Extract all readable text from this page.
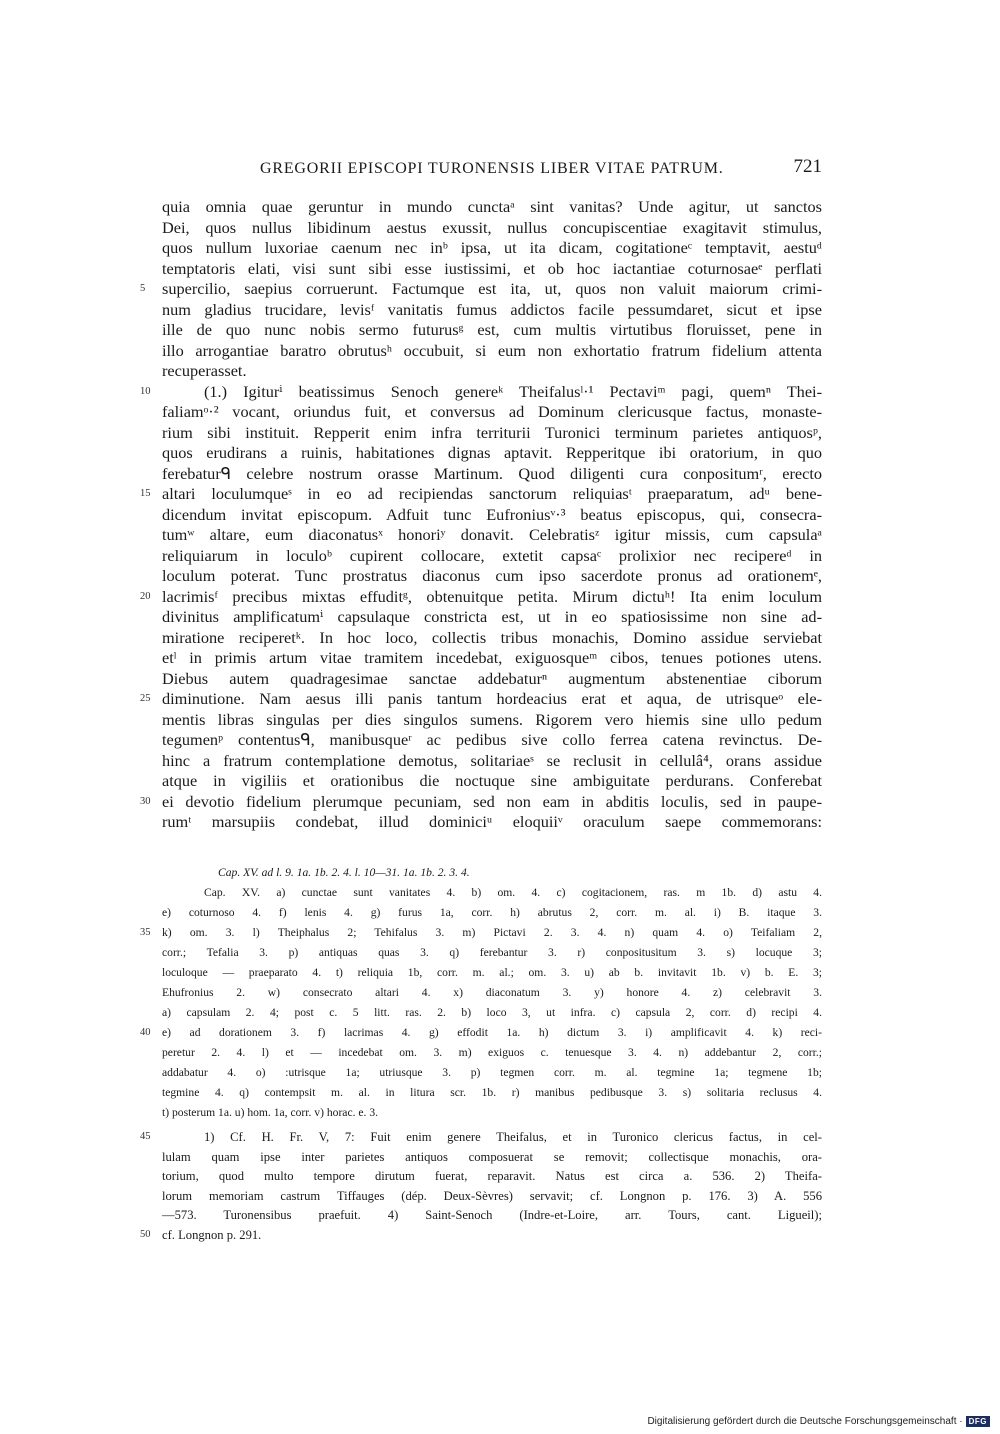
GREGORII EPISCOPI TURONENSIS LIBER VITAE PATRUM.	721
quia omnia quae geruntur in mundo cunctaᵃ sint vanitas? Unde agitur, ut sanctos
Dei, quos nullus libidinum aestus exussit, nullus concupiscentiae exagitavit stimulus,
quos nullum luxoriae caenum nec inᵇ ipsa, ut ita dicam, cogitationeᶜ temptavit, aestuᵈ
temptatoris elati, visi sunt sibi esse iustissimi, et ob hoc iactantiae coturnosaeᵉ perflati
5 supercilio, saepius corruerunt. Factumque est ita, ut, quos non valuit maiorum crimi-
num gladius trucidare, levisᶠ vanitatis fumus addictos facile pessumdaret, sicut et ipse
ille de quo nunc nobis sermo futurusᵍ est, cum multis virtutibus floruisset, pene in
illo arrogantiae baratro obrutusʰ occubuit, si eum non exhortatio fratrum fidelium attenta
recuperasset.
10	(1.) Igiturⁱ beatissimus Senoch genereᵏ Theifalusˡ·¹ Pectaviᵐ pagi, quemⁿ Thei-
faliamᵒ·² vocant, oriundus fuit, et conversus ad Dominum clericusque factus, monaste-
rium sibi instituit. Repperit enim infra territurii Turonici terminum parietes antiquosᵖ,
quos erudirans a ruinis, habitationes dignas aptavit. Repperitque ibi oratorium, in quo
ferebaturᑫ celebre nostrum orasse Martinum. Quod diligenti cura conpositumʳ, erecto
15 altari loculumqueˢ in eo ad recipiendas sanctorum reliquiasᵗ praeparatum, adᵘ bene-
dicendum invitat episcopum. Adfuit tunc Eufroniusᵛ·³ beatus episcopus, qui, consecra-
tumʷ altare, eum diaconatusˣ honoriʸ donavit. Celebratisᶻ igitur missis, cum capsulaᵃ
reliquiarum in loculoᵇ cupirent collocare, extetit capsaᶜ prolixior nec recipereᵈ in
loculum poterat. Tunc prostratus diaconus cum ipso sacerdote pronus ad orationemᵉ,
20 lacrimisᶠ precibus mixtas effuditᵍ, obtenuitque petita. Mirum dictuʰ! Ita enim loculum
divinitus amplificatumⁱ capsulaque constricta est, ut in eo spatiosissime non sine ad-
miratione reciperetᵏ. In hoc loco, collectis tribus monachis, Domino assidue serviebat
etˡ in primis artum vitae tramitem incedebat, exiguosqueᵐ cibos, tenues potiones utens.
Diebus autem quadragesimae sanctae addebaturⁿ augmentum abstenentiae ciborum
25 diminutione. Nam aesus illi panis tantum hordeacius erat et aqua, de utrisqueᵒ ele-
mentis libras singulas per dies singulos sumens. Rigorem vero hiemis sine ullo pedum
tegumenᵖ contentusᑫ, manibusqueʳ ac pedibus sive collo ferrea catena revinctus. De-
hinc a fratrum contemplatione demotus, solitariaeˢ se reclusit in cellulâ⁴, orans assidue
atque in vigiliis et orationibus die noctuque sine ambiguitate perdurans. Conferebat
30 ei devotio fidelium plerumque pecuniam, sed non eam in abditis loculis, sed in paupe-
rumᵗ marsupiis condebat, illud dominiciᵘ eloquiiᵛ oraculum saepe commemorans:
Cap. XV. ad l. 9. 1a. 1b. 2. 4. l. 10—31. 1a. 1b. 2. 3. 4.
Cap. XV. a) cunctae sunt vanitates 4. b) om. 4. c) cogitacionem, ras. m 1b. d) astu 4.
e) coturnoso 4. f) lenis 4. g) furus 1a, corr. h) abrutus 2, corr. m. al. i) B. itaque 3.
35 k) om. 3. l) Theiphalus 2; Tehifalus 3. m) Pictavi 2. 3. 4. n) quam 4. o) Teifaliam 2,
corr.; Tefalia 3. p) antiquas quas 3. q) ferebantur 3. r) conpositusitum 3. s) locuque 3;
loculoque — praeparato 4. t) reliquia 1b, corr. m. al.; om. 3. u) ab b. invitavit 1b. v) b. E. 3;
Ehufronius 2. w) consecrato altari 4. x) diaconatum 3. y) honore 4. z) celebravit 3.
a) capsulam 2. 4; post c. 5 litt. ras. 2. b) loco 3, ut infra. c) capsula 2, corr. d) recipi 4.
40 e) ad dorationem 3. f) lacrimas 4. g) effodit 1a. h) dictum 3. i) amplificavit 4. k) reci-
peretur 2. 4. l) et — incedebat om. 3. m) exiguos c. tenuesque 3. 4. n) addebantur 2, corr.;
addabatur 4. o) :utrisque 1a; utriusque 3. p) tegmen corr. m. al. tegmine 1a; tegmene 1b;
tegmine 4. q) contempsit m. al. in litura scr. 1b. r) manibus pedibusque 3. s) solitaria reclusus 4.
t) posterum 1a. u) hom. 1a, corr. v) horac. e. 3.
45	1) Cf. H. Fr. V, 7: Fuit enim genere Theifalus, et in Turonico clericus factus, in cel-
lulam quam ipse inter parietes antiquos composuerat se removit; collectisque monachis, ora-
torium, quod multo tempore dirutum fuerat, reparavit. Natus est circa a. 536. 2) Theifa-
lorum memoriam castrum Tiffauges (dép. Deux-Sèvres) servavit; cf. Longnon p. 176. 3) A. 556
—573. Turonensibus praefuit. 4) Saint-Senoch (Indre-et-Loire, arr. Tours, cant. Ligueil);
50 cf. Longnon p. 291.
Digitalisierung gefördert durch die Deutsche Forschungsgemeinschaft · DFG
